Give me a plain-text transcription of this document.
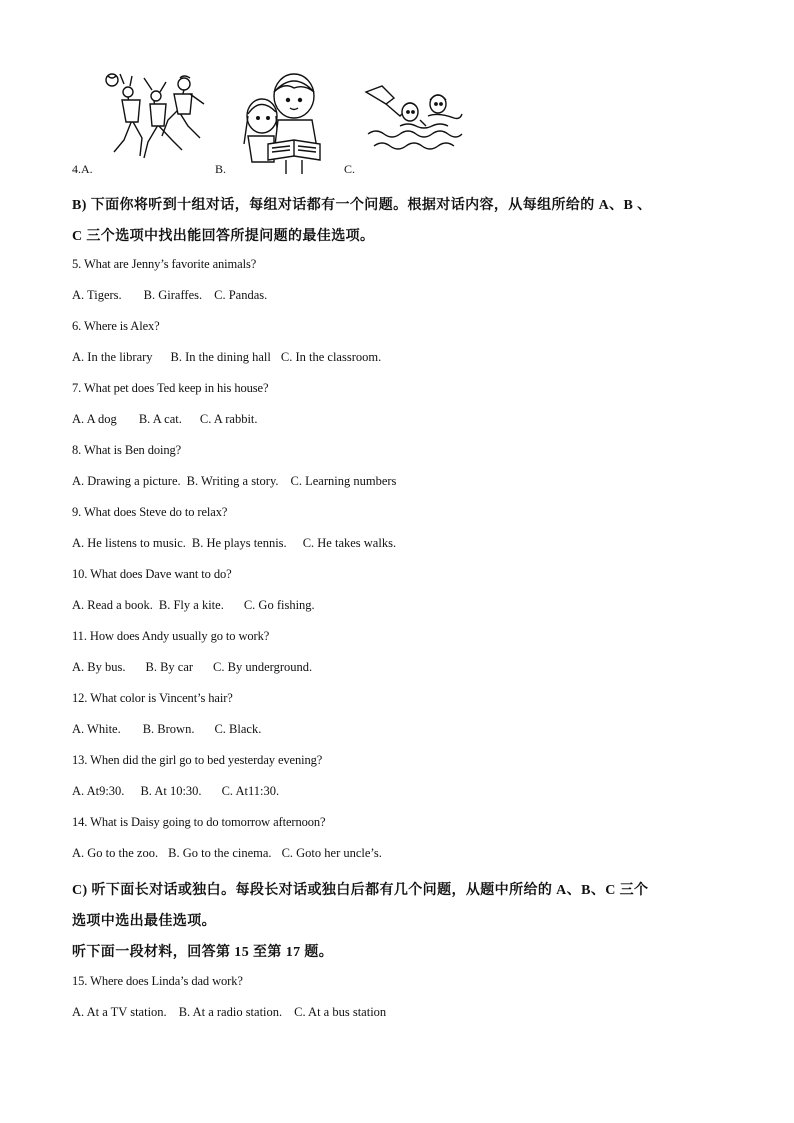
4.A.	B.	C.
B) 下面你将听到十组对话，每组对话都有一个问题。根据对话内容，从每组所给的 A、B 、
C 三个选项中找出能回答所提问题的最佳选项。
5. What are Jenny’s favorite animals?
A. Tigers. B. Giraffes. C. Pandas.
6. Where is Alex?
A. In the library B. In the dining hall C. In the classroom.
7. What pet does Ted keep in his house?
A. A dog B. A cat. C. A rabbit.
8. What is Ben doing?
A. Drawing a picture. B. Writing a story. C. Learning numbers
9. What does Steve do to relax?
A. He listens to music. B. He plays tennis. C. He takes walks.
10. What does Dave want to do?
A. Read a book. B. Fly a kite. C. Go fishing.
11. How does Andy usually go to work?
A. By bus. B. By car C. By underground.
12. What color is Vincent’s hair?
A. White. B. Brown. C. Black.
13. When did the girl go to bed yesterday evening?
A. At9:30. B. At 10:30. C. At11:30.
14. What is Daisy going to do tomorrow afternoon?
A. Go to the zoo. B. Go to the cinema. C. Goto her uncle’s.
C) 听下面长对话或独白。每段长对话或独白后都有几个问题，从题中所给的 A、B、C 三个
选项中选出最佳选项。
听下面一段材料，回答第 15 至第 17 题。
15. Where does Linda’s dad work?
A. At a TV station. B. At a radio station. C. At a bus station
